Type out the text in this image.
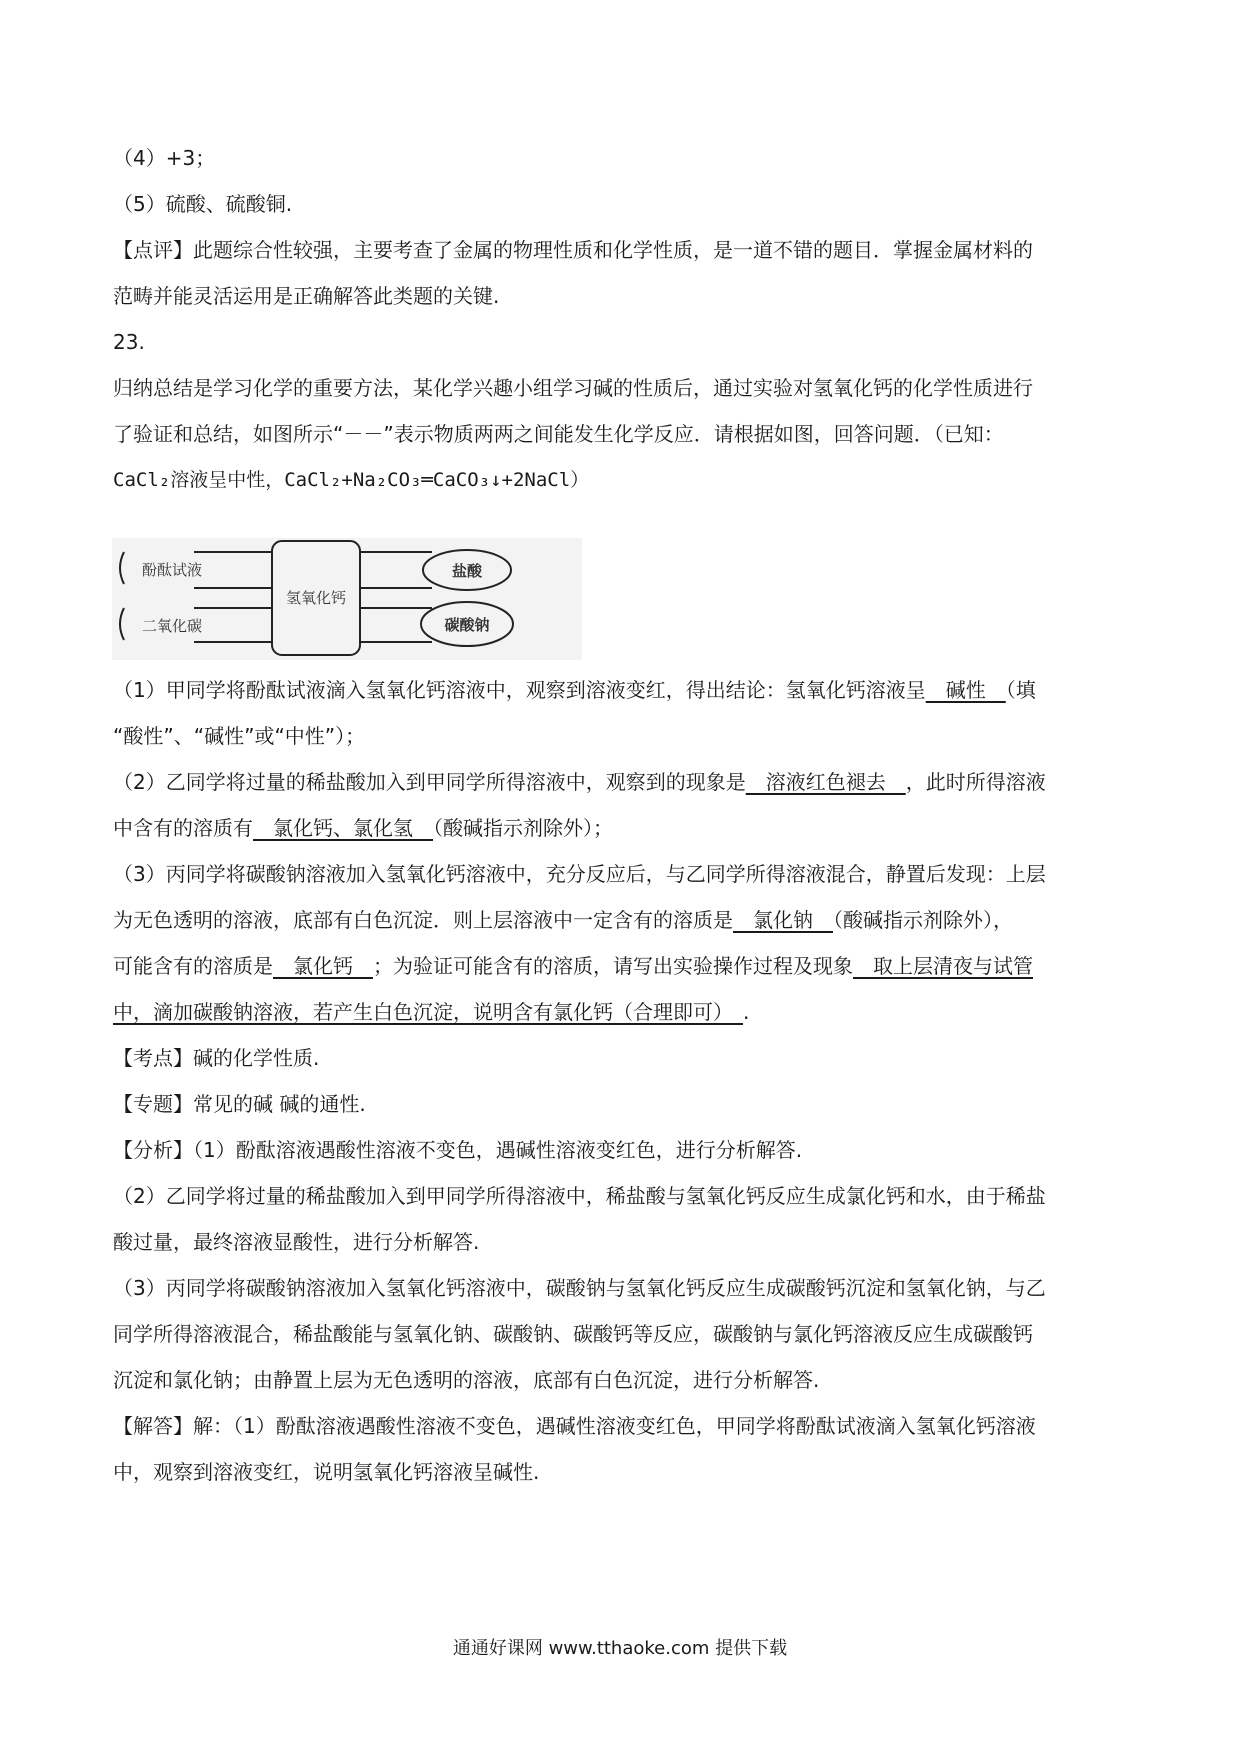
（4）+3；
（5）硫酸、硫酸铜.
【点评】此题综合性较强，主要考查了金属的物理性质和化学性质，是一道不错的题目．掌握金属材料的
范畴并能灵活运用是正确解答此类题的关键.
23.
归纳总结是学习化学的重要方法，某化学兴趣小组学习碱的性质后，通过实验对氢氧化钙的化学性质进行
了验证和总结，如图所示“－－”表示物质两两之间能发生化学反应．请根据如图，回答问题．（已知：
CaCl₂溶液呈中性，CaCl₂+Na₂CO₃═CaCO₃↓+2NaCl）
酚酞试液
二氧化碳
氢氧化钙
盐酸
碳酸钠
（1）甲同学将酚酞试液滴入氢氧化钙溶液中，观察到溶液变红，得出结论：氢氧化钙溶液呈　碱性　（填
“酸性”、“碱性”或“中性”）；
（2）乙同学将过量的稀盐酸加入到甲同学所得溶液中，观察到的现象是　溶液红色褪去　，此时所得溶液
中含有的溶质有　氯化钙、氯化氢　（酸碱指示剂除外）；
（3）丙同学将碳酸钠溶液加入氢氧化钙溶液中，充分反应后，与乙同学所得溶液混合，静置后发现：上层
为无色透明的溶液，底部有白色沉淀．则上层溶液中一定含有的溶质是　氯化钠　（酸碱指示剂除外），
可能含有的溶质是　氯化钙　；为验证可能含有的溶质，请写出实验操作过程及现象　取上层清夜与试管
中，滴加碳酸钠溶液，若产生白色沉淀，说明含有氯化钙（合理即可）　.
【考点】碱的化学性质.
【专题】常见的碱 碱的通性.
【分析】（1）酚酞溶液遇酸性溶液不变色，遇碱性溶液变红色，进行分析解答.
（2）乙同学将过量的稀盐酸加入到甲同学所得溶液中，稀盐酸与氢氧化钙反应生成氯化钙和水，由于稀盐
酸过量，最终溶液显酸性，进行分析解答.
（3）丙同学将碳酸钠溶液加入氢氧化钙溶液中，碳酸钠与氢氧化钙反应生成碳酸钙沉淀和氢氧化钠，与乙
同学所得溶液混合，稀盐酸能与氢氧化钠、碳酸钠、碳酸钙等反应，碳酸钠与氯化钙溶液反应生成碳酸钙
沉淀和氯化钠；由静置上层为无色透明的溶液，底部有白色沉淀，进行分析解答.
【解答】解：（1）酚酞溶液遇酸性溶液不变色，遇碱性溶液变红色，甲同学将酚酞试液滴入氢氧化钙溶液
中，观察到溶液变红，说明氢氧化钙溶液呈碱性.
通通好课网 www.tthaoke.com 提供下载
